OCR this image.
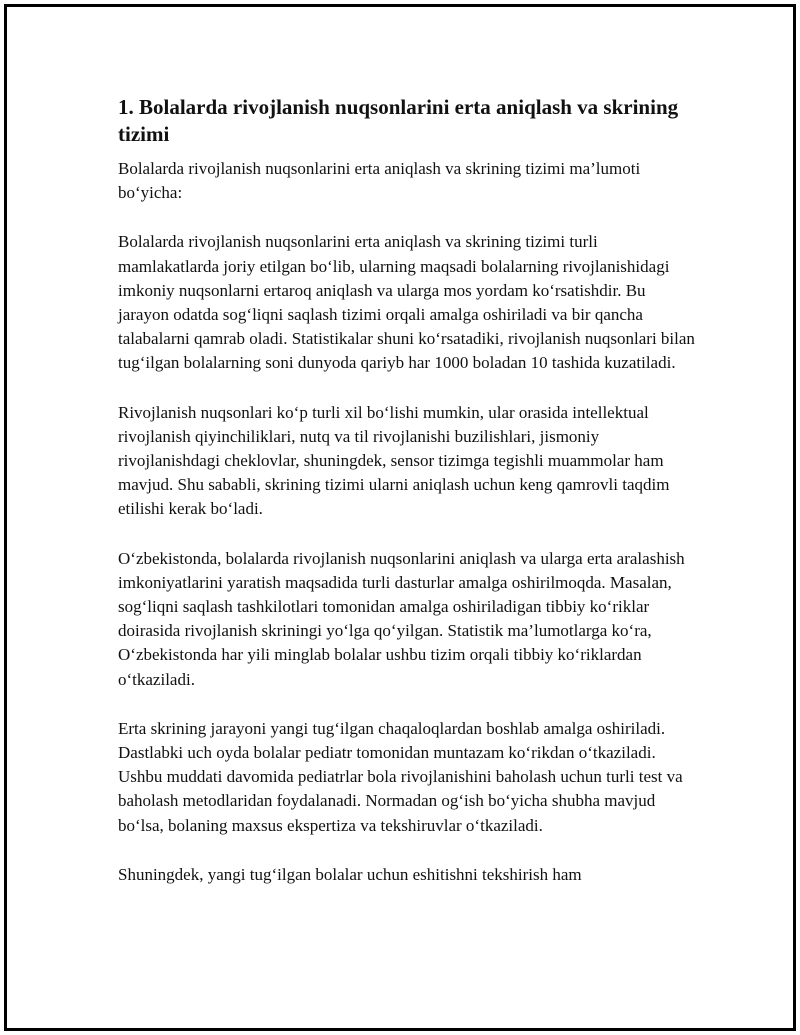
1. Bolalarda rivojlanish nuqsonlarini erta aniqlash va skrining tizimi

Bolalarda rivojlanish nuqsonlarini erta aniqlash va skrining tizimi ma’lumoti bo‘yicha:

Bolalarda rivojlanish nuqsonlarini erta aniqlash va skrining tizimi turli mamlakatlarda joriy etilgan bo‘lib, ularning maqsadi bolalarning rivojlanishidagi imkoniy nuqsonlarni ertaroq aniqlash va ularga mos yordam ko‘rsatishdir. Bu jarayon odatda sog‘liqni saqlash tizimi orqali amalga oshiriladi va bir qancha talabalarni qamrab oladi. Statistikalar shuni ko‘rsatadiki, rivojlanish nuqsonlari bilan tug‘ilgan bolalarning soni dunyoda qariyb har 1000 boladan 10 tashida kuzatiladi.

Rivojlanish nuqsonlari ko‘p turli xil bo‘lishi mumkin, ular orasida intellektual rivojlanish qiyinchiliklari, nutq va til rivojlanishi buzilishlari, jismoniy rivojlanishdagi cheklovlar, shuningdek, sensor tizimga tegishli muammolar ham mavjud. Shu sababli, skrining tizimi ularni aniqlash uchun keng qamrovli taqdim etilishi kerak bo‘ladi.

O‘zbekistonda, bolalarda rivojlanish nuqsonlarini aniqlash va ularga erta aralashish imkoniyatlarini yaratish maqsadida turli dasturlar amalga oshirilmoqda. Masalan, sog‘liqni saqlash tashkilotlari tomonidan amalga oshiriladigan tibbiy ko‘riklar doirasida rivojlanish skriningi yo‘lga qo‘yilgan. Statistik ma’lumotlarga ko‘ra, O‘zbekistonda har yili minglab bolalar ushbu tizim orqali tibbiy ko‘riklardan o‘tkaziladi.

Erta skrining jarayoni yangi tug‘ilgan chaqaloqlardan boshlab amalga oshiriladi. Dastlabki uch oyda bolalar pediatr tomonidan muntazam ko‘rikdan o‘tkaziladi. Ushbu muddati davomida pediatrlar bola rivojlanishini baholash uchun turli test va baholash metodlaridan foydalanadi. Normadan og‘ish bo‘yicha shubha mavjud bo‘lsa, bolaning maxsus ekspertiza va tekshiruvlar o‘tkaziladi.

Shuningdek, yangi tug‘ilgan bolalar uchun eshitishni tekshirish ham
